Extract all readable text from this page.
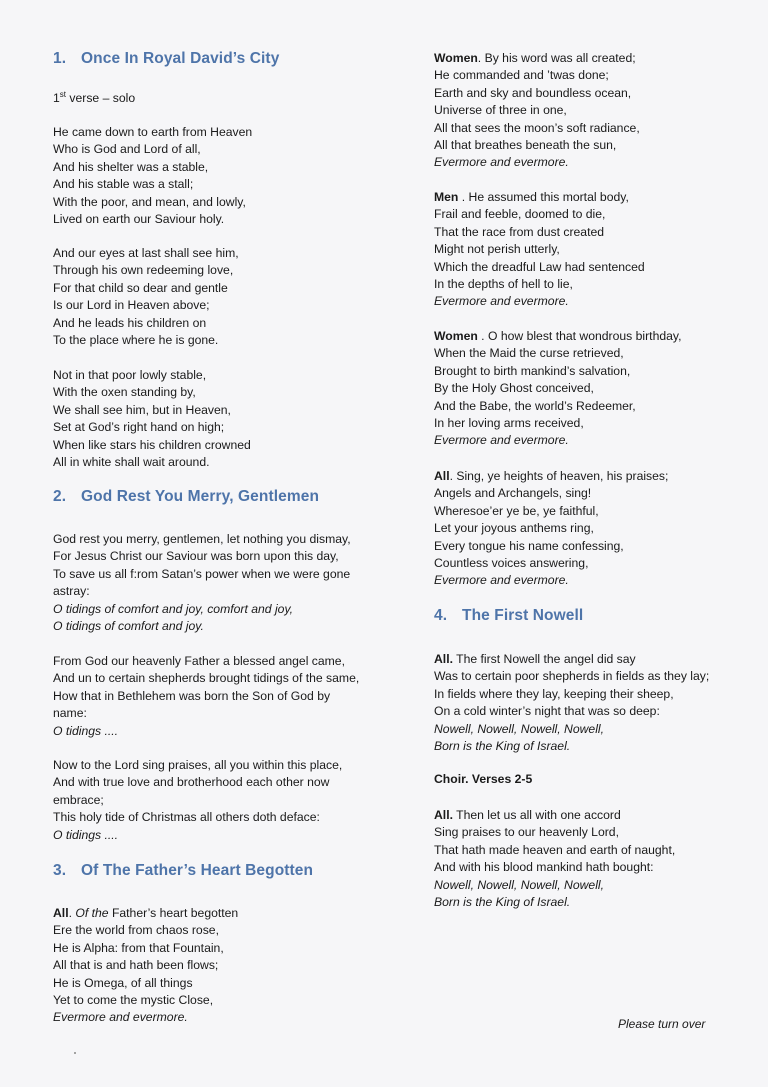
1. Once In Royal David’s City
1st verse – solo
He came down to earth from Heaven
Who is God and Lord of all,
And his shelter was a stable,
And his stable was a stall;
With the poor, and mean, and lowly,
Lived on earth our Saviour holy.
And our eyes at last shall see him,
Through his own redeeming love,
For that child so dear and gentle
Is our Lord in Heaven above;
And he leads his children on
To the place where he is gone.
Not in that poor lowly stable,
With the oxen standing by,
We shall see him, but in Heaven,
Set at God’s right hand on high;
When like stars his children crowned
All in white shall wait around.
2. God Rest You Merry, Gentlemen
God rest you merry, gentlemen, let nothing you dismay,
For Jesus Christ our Saviour was born upon this day,
To save us all f:rom Satan’s power when we were gone
astray:
O tidings of comfort and joy, comfort and joy,
O tidings of comfort and joy.
From God our heavenly Father a blessed angel came,
And un to certain shepherds brought tidings of the same,
How that in Bethlehem was born the Son of God by
name:
O tidings ....
Now to the Lord sing praises, all you within this place,
And with true love and brotherhood each other now
embrace;
This holy tide of Christmas all others doth deface:
O tidings ....
3. Of The Father’s Heart Begotten
All. Of the Father’s heart begotten
Ere the world from chaos rose,
He is Alpha: from that Fountain,
All that is and hath been flows;
He is Omega, of all things
Yet to come the mystic Close,
Evermore and evermore.
Women. By his word was all created;
He commanded and ’twas done;
Earth and sky and boundless ocean,
Universe of three in one,
All that sees the moon’s soft radiance,
All that breathes beneath the sun,
Evermore and evermore.
Men . He assumed this mortal body,
Frail and feeble, doomed to die,
That the race from dust created
Might not perish utterly,
Which the dreadful Law had sentenced
In the depths of hell to lie,
Evermore and evermore.
Women . O how blest that wondrous birthday,
When the Maid the curse retrieved,
Brought to birth mankind’s salvation,
By the Holy Ghost conceived,
And the Babe, the world’s Redeemer,
In her loving arms received,
Evermore and evermore.
All. Sing, ye heights of heaven, his praises;
Angels and Archangels, sing!
Wheresoe’er ye be, ye faithful,
Let your joyous anthems ring,
Every tongue his name confessing,
Countless voices answering,
Evermore and evermore.
4. The First Nowell
All. The first Nowell the angel did say
Was to certain poor shepherds in fields as they lay;
In fields where they lay, keeping their sheep,
On a cold winter’s night that was so deep:
Nowell, Nowell, Nowell, Nowell,
Born is the King of Israel.
Choir. Verses 2-5
All. Then let us all with one accord
Sing praises to our heavenly Lord,
That hath made heaven and earth of naught,
And with his blood mankind hath bought:
Nowell, Nowell, Nowell, Nowell,
Born is the King of Israel.
Please turn over
